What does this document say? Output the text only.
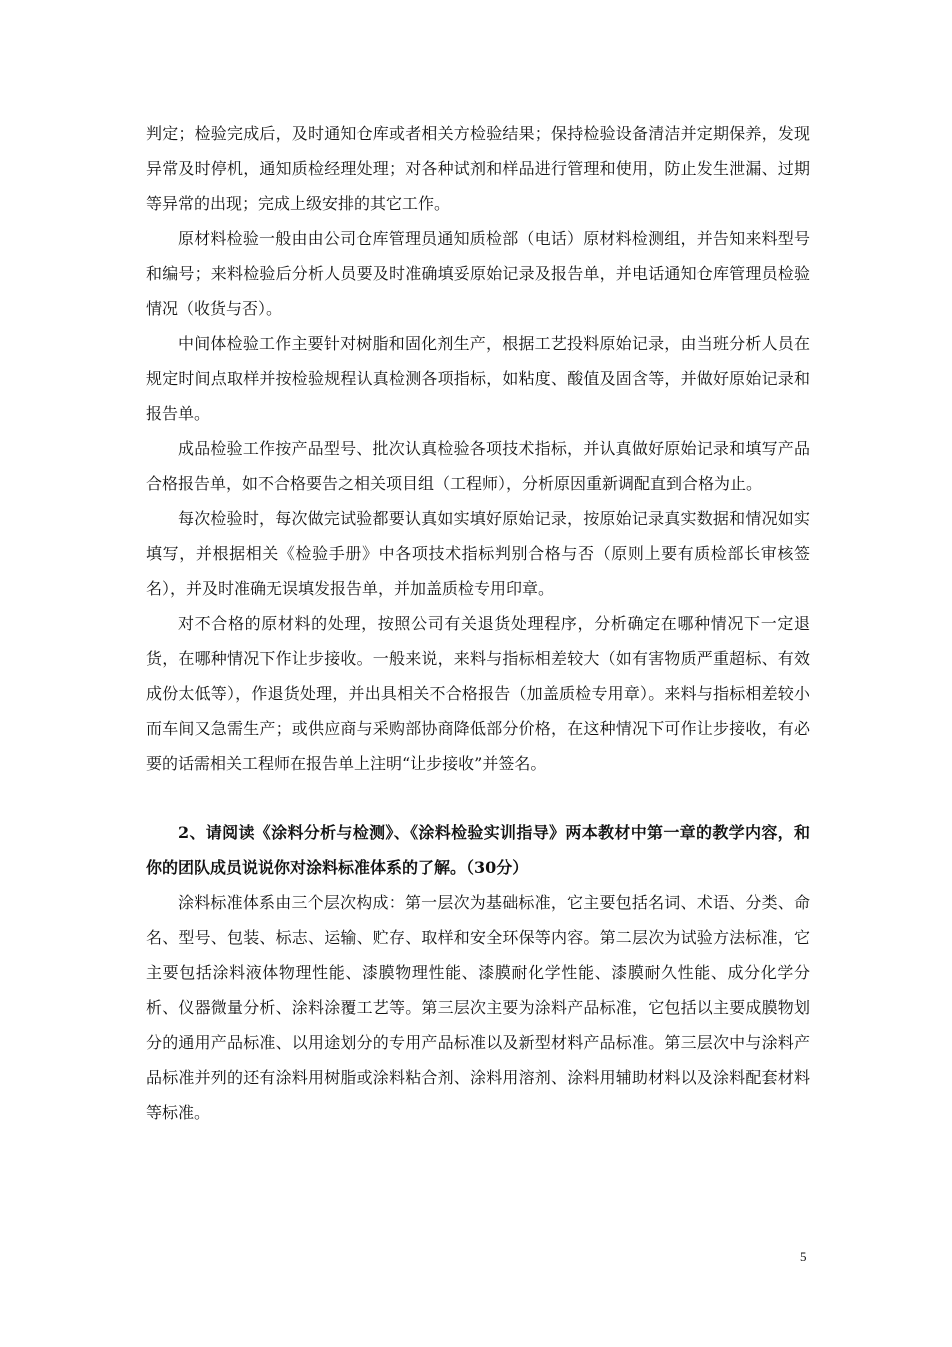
判定；检验完成后，及时通知仓库或者相关方检验结果；保持检验设备清洁并定期保养，发现异常及时停机，通知质检经理处理；对各种试剂和样品进行管理和使用，防止发生泄漏、过期等异常的出现；完成上级安排的其它工作。

原材料检验一般由由公司仓库管理员通知质检部（电话）原材料检测组，并告知来料型号和编号；来料检验后分析人员要及时准确填妥原始记录及报告单，并电话通知仓库管理员检验情况（收货与否）。

中间体检验工作主要针对树脂和固化剂生产，根据工艺投料原始记录，由当班分析人员在规定时间点取样并按检验规程认真检测各项指标，如粘度、酸值及固含等，并做好原始记录和报告单。

成品检验工作按产品型号、批次认真检验各项技术指标，并认真做好原始记录和填写产品合格报告单，如不合格要告之相关项目组（工程师），分析原因重新调配直到合格为止。

每次检验时，每次做完试验都要认真如实填好原始记录，按原始记录真实数据和情况如实填写，并根据相关《检验手册》中各项技术指标判别合格与否（原则上要有质检部长审核签名），并及时准确无误填发报告单，并加盖质检专用印章。

对不合格的原材料的处理，按照公司有关退货处理程序，分析确定在哪种情况下一定退货，在哪种情况下作让步接收。一般来说，来料与指标相差较大（如有害物质严重超标、有效成份太低等），作退货处理，并出具相关不合格报告（加盖质检专用章）。来料与指标相差较小而车间又急需生产；或供应商与采购部协商降低部分价格，在这种情况下可作让步接收，有必要的话需相关工程师在报告单上注明“让步接收”并签名。

2、请阅读《涂料分析与检测》、《涂料检验实训指导》两本教材中第一章的教学内容，和你的团队成员说说你对涂料标准体系的了解。（30分）

涂料标准体系由三个层次构成：第一层次为基础标准，它主要包括名词、术语、分类、命名、型号、包装、标志、运输、贮存、取样和安全环保等内容。第二层次为试验方法标准，它主要包括涂料液体物理性能、漆膜物理性能、漆膜耐化学性能、漆膜耐久性能、成分化学分析、仪器微量分析、涂料涂覆工艺等。第三层次主要为涂料产品标准，它包括以主要成膜物划分的通用产品标准、以用途划分的专用产品标准以及新型材料产品标准。第三层次中与涂料产品标准并列的还有涂料用树脂或涂料粘合剂、涂料用溶剂、涂料用辅助材料以及涂料配套材料等标准。

5
